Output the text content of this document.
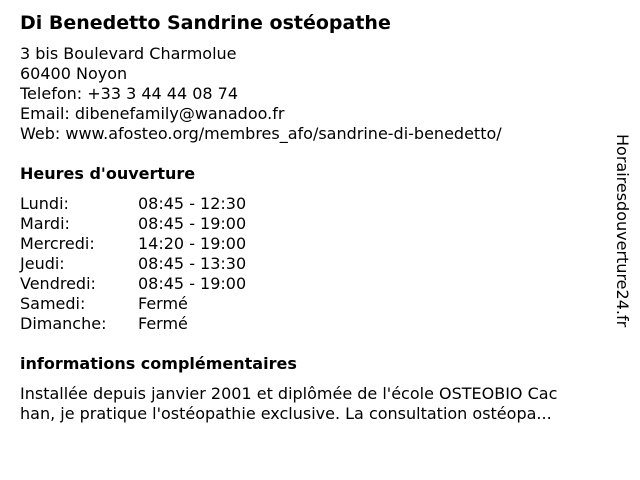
Di Benedetto Sandrine ostéopathe
3 bis Boulevard Charmolue
60400 Noyon
Telefon: +33 3 44 44 08 74
Email: dibenefamily@wanadoo.fr
Web: www.afosteo.org/membres_afo/sandrine-di-benedetto/
Heures d'ouverture
Lundi:	08:45 - 12:30
Mardi:	08:45 - 19:00
Mercredi:	14:20 - 19:00
Jeudi:	08:45 - 13:30
Vendredi:	08:45 - 19:00
Samedi:	Fermé
Dimanche: Fermé
informations complémentaires
Installée depuis janvier 2001 et diplômée de l'école OSTEOBIO Cac
han, je pratique l'ostéopathie exclusive. La consultation ostéopa...
Horairesdouverture24.fr
